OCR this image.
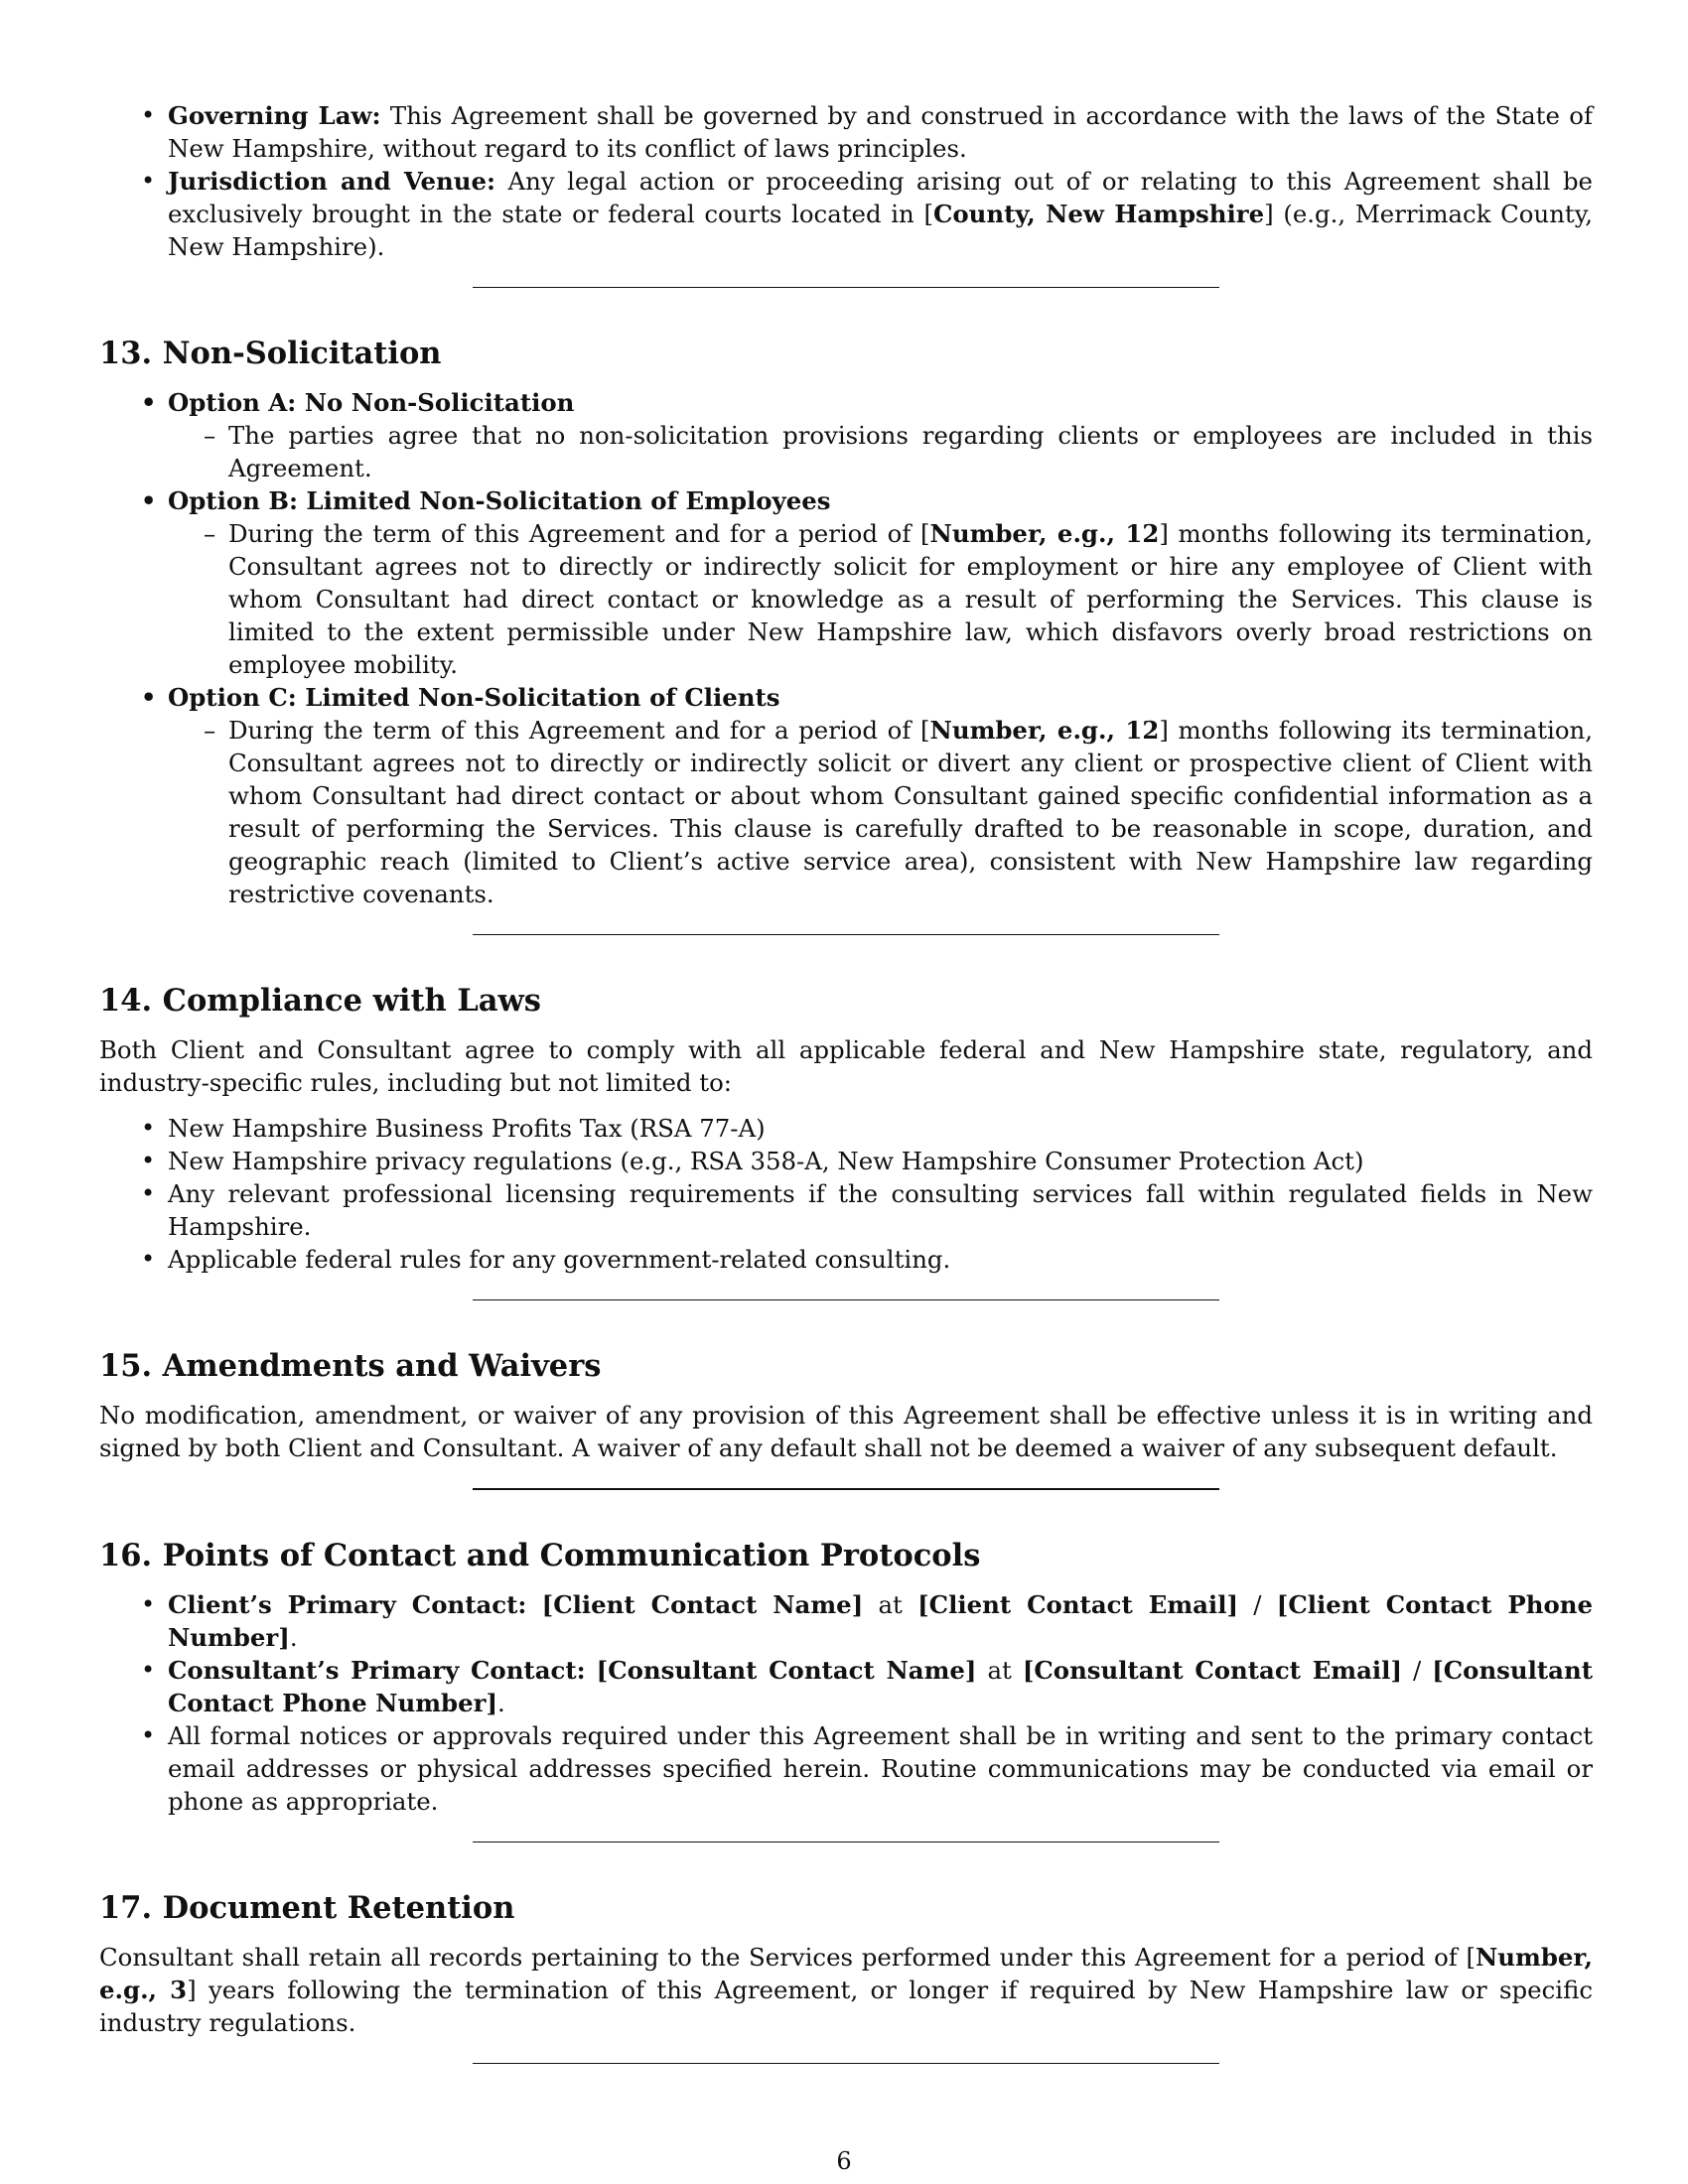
• Governing Law: This Agreement shall be governed by and construed in accordance with the laws of the State of New Hampshire, without regard to its conflict of laws principles.
• Jurisdiction and Venue: Any legal action or proceeding arising out of or relating to this Agreement shall be exclusively brought in the state or federal courts located in [County, New Hampshire] (e.g., Merrimack County, New Hampshire).
13. Non-Solicitation
• Option A: No Non-Solicitation
– The parties agree that no non-solicitation provisions regarding clients or employees are included in this Agreement.
• Option B: Limited Non-Solicitation of Employees
– During the term of this Agreement and for a period of [Number, e.g., 12] months following its termination, Consultant agrees not to directly or indirectly solicit for employment or hire any employee of Client with whom Consultant had direct contact or knowledge as a result of performing the Services. This clause is limited to the extent permissible under New Hampshire law, which disfavors overly broad restrictions on employee mobility.
• Option C: Limited Non-Solicitation of Clients
– During the term of this Agreement and for a period of [Number, e.g., 12] months following its termination, Consultant agrees not to directly or indirectly solicit or divert any client or prospective client of Client with whom Consultant had direct contact or about whom Consultant gained specific confidential information as a result of performing the Services. This clause is carefully drafted to be reasonable in scope, duration, and geographic reach (limited to Client’s active service area), consistent with New Hampshire law regarding restrictive covenants.
14. Compliance with Laws
Both Client and Consultant agree to comply with all applicable federal and New Hampshire state, regulatory, and industry-specific rules, including but not limited to:
• New Hampshire Business Profits Tax (RSA 77-A)
• New Hampshire privacy regulations (e.g., RSA 358-A, New Hampshire Consumer Protection Act)
• Any relevant professional licensing requirements if the consulting services fall within regulated fields in New Hampshire.
• Applicable federal rules for any government-related consulting.
15. Amendments and Waivers
No modification, amendment, or waiver of any provision of this Agreement shall be effective unless it is in writing and signed by both Client and Consultant. A waiver of any default shall not be deemed a waiver of any subsequent default.
16. Points of Contact and Communication Protocols
• Client’s Primary Contact: [Client Contact Name] at [Client Contact Email] / [Client Contact Phone Number].
• Consultant’s Primary Contact: [Consultant Contact Name] at [Consultant Contact Email] / [Consultant Contact Phone Number].
• All formal notices or approvals required under this Agreement shall be in writing and sent to the primary contact email addresses or physical addresses specified herein. Routine communications may be conducted via email or phone as appropriate.
17. Document Retention
Consultant shall retain all records pertaining to the Services performed under this Agreement for a period of [Number, e.g., 3] years following the termination of this Agreement, or longer if required by New Hampshire law or specific industry regulations.
6
